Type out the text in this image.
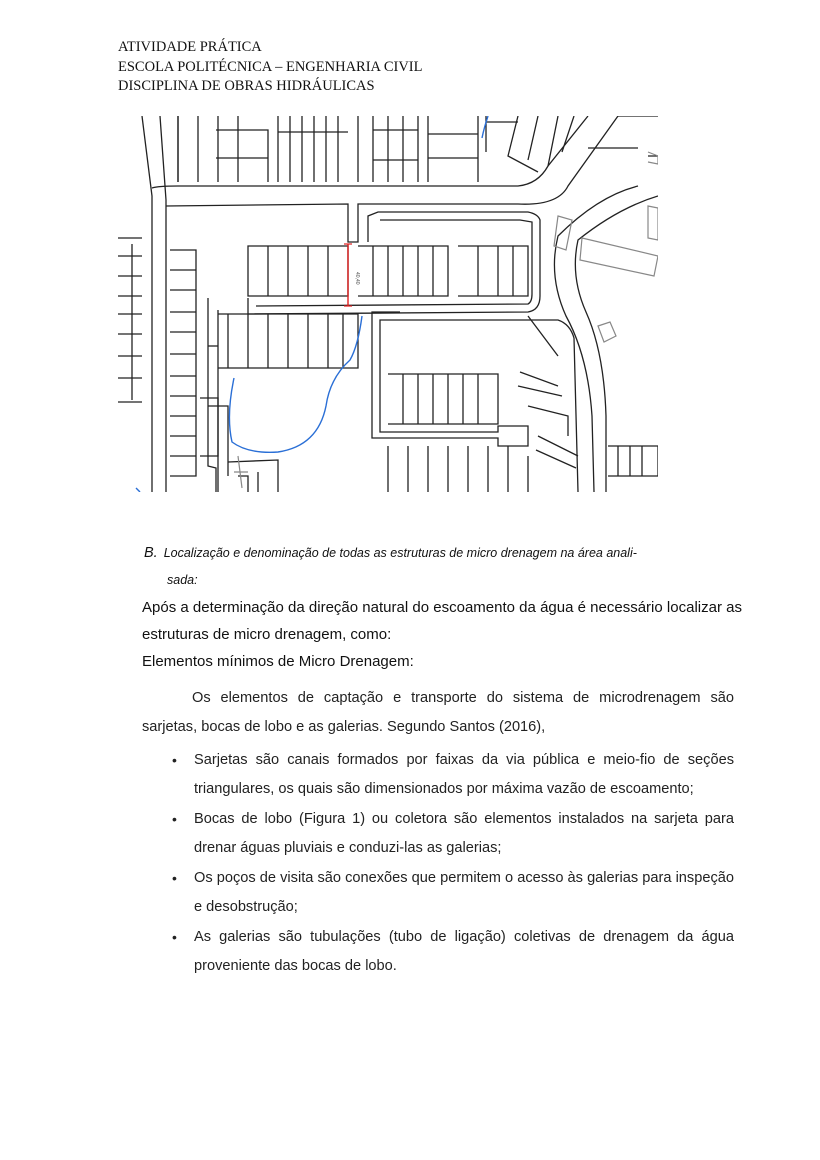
ATIVIDADE PRÁTICA
ESCOLA POLITÉCNICA – ENGENHARIA CIVIL
DISCIPLINA DE OBRAS HIDRÁULICAS
40,40
B. Localização e denominação de todas as estruturas de micro drenagem na área anali-
sada:

Após a determinação da direção natural do escoamento da água é necessário localizar as estruturas de micro drenagem, como:

Elementos mínimos de Micro Drenagem:

Os elementos de captação e transporte do sistema de microdrenagem são sarjetas, bocas de lobo e as galerias. Segundo Santos (2016),

• Sarjetas são canais formados por faixas da via pública e meio-fio de seções triangulares, os quais são dimensionados por máxima vazão de escoamento;
• Bocas de lobo (Figura 1) ou coletora são elementos instalados na sarjeta para drenar águas pluviais e conduzi-las as galerias;
• Os poços de visita são conexões que permitem o acesso às galerias para inspeção e desobstrução;
• As galerias são tubulações (tubo de ligação) coletivas de drenagem da água proveniente das bocas de lobo.
